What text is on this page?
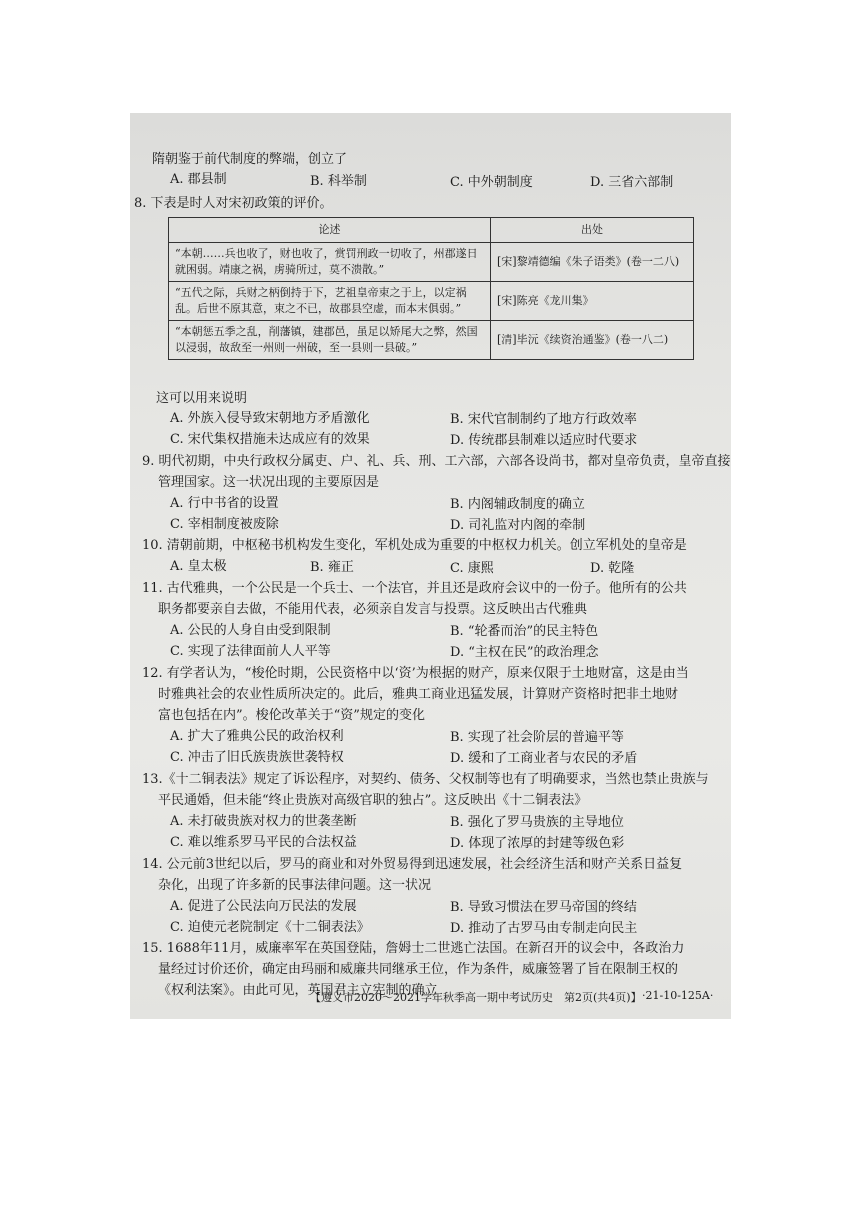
隋朝鉴于前代制度的弊端，创立了
A. 郡县制	B. 科举制	C. 中外朝制度	D. 三省六部制
8. 下表是时人对宋初政策的评价。
论述	出处
“本朝……兵也收了，财也收了，赏罚刑政一切收了，州郡遂日就困弱。靖康之祸，虏骑所过，莫不溃散。”	[宋]黎靖德编《朱子语类》(卷一二八)
“五代之际，兵财之柄倒持于下，艺祖皇帝束之于上，以定祸乱。后世不原其意，束之不已，故郡县空虚，而本末俱弱。”	[宋]陈亮《龙川集》
“本朝惩五季之乱，削藩镇，建郡邑，虽足以矫尾大之弊，然国以浸弱，故敌至一州则一州破，至一县则一县破。”	[清]毕沅《续资治通鉴》(卷一八二)
这可以用来说明
A. 外族入侵导致宋朝地方矛盾激化	B. 宋代官制制约了地方行政效率
C. 宋代集权措施未达成应有的效果	D. 传统郡县制难以适应时代要求
9. 明代初期，中央行政权分属吏、户、礼、兵、刑、工六部，六部各设尚书，都对皇帝负责，皇帝直接
管理国家。这一状况出现的主要原因是
A. 行中书省的设置	B. 内阁辅政制度的确立
C. 宰相制度被废除	D. 司礼监对内阁的牵制
10. 清朝前期，中枢秘书机构发生变化，军机处成为重要的中枢权力机关。创立军机处的皇帝是
A. 皇太极	B. 雍正	C. 康熙	D. 乾隆
11. 古代雅典，一个公民是一个兵士、一个法官，并且还是政府会议中的一份子。他所有的公共
职务都要亲自去做，不能用代表，必须亲自发言与投票。这反映出古代雅典
A. 公民的人身自由受到限制	B. “轮番而治”的民主特色
C. 实现了法律面前人人平等	D. “主权在民”的政治理念
12. 有学者认为，“梭伦时期，公民资格中以‘资’为根据的财产，原来仅限于土地财富，这是由当
时雅典社会的农业性质所决定的。此后，雅典工商业迅猛发展，计算财产资格时把非土地财
富也包括在内”。梭伦改革关于“资”规定的变化
A. 扩大了雅典公民的政治权利	B. 实现了社会阶层的普遍平等
C. 冲击了旧氏族贵族世袭特权	D. 缓和了工商业者与农民的矛盾
13.《十二铜表法》规定了诉讼程序，对契约、债务、父权制等也有了明确要求，当然也禁止贵族与
平民通婚，但未能“终止贵族对高级官职的独占”。这反映出《十二铜表法》
A. 未打破贵族对权力的世袭垄断	B. 强化了罗马贵族的主导地位
C. 难以维系罗马平民的合法权益	D. 体现了浓厚的封建等级色彩
14. 公元前3世纪以后，罗马的商业和对外贸易得到迅速发展，社会经济生活和财产关系日益复
杂化，出现了许多新的民事法律问题。这一状况
A. 促进了公民法向万民法的发展	B. 导致习惯法在罗马帝国的终结
C. 迫使元老院制定《十二铜表法》	D. 推动了古罗马由专制走向民主
15. 1688年11月，威廉率军在英国登陆，詹姆士二世逃亡法国。在新召开的议会中，各政治力
量经过讨价还价，确定由玛丽和威廉共同继承王位，作为条件，威廉签署了旨在限制王权的
《权利法案》。由此可见，英国君主立宪制的确立
【遵义市2020～2021学年秋季高一期中考试历史　第2页(共4页)】 ·21-10-125A·
